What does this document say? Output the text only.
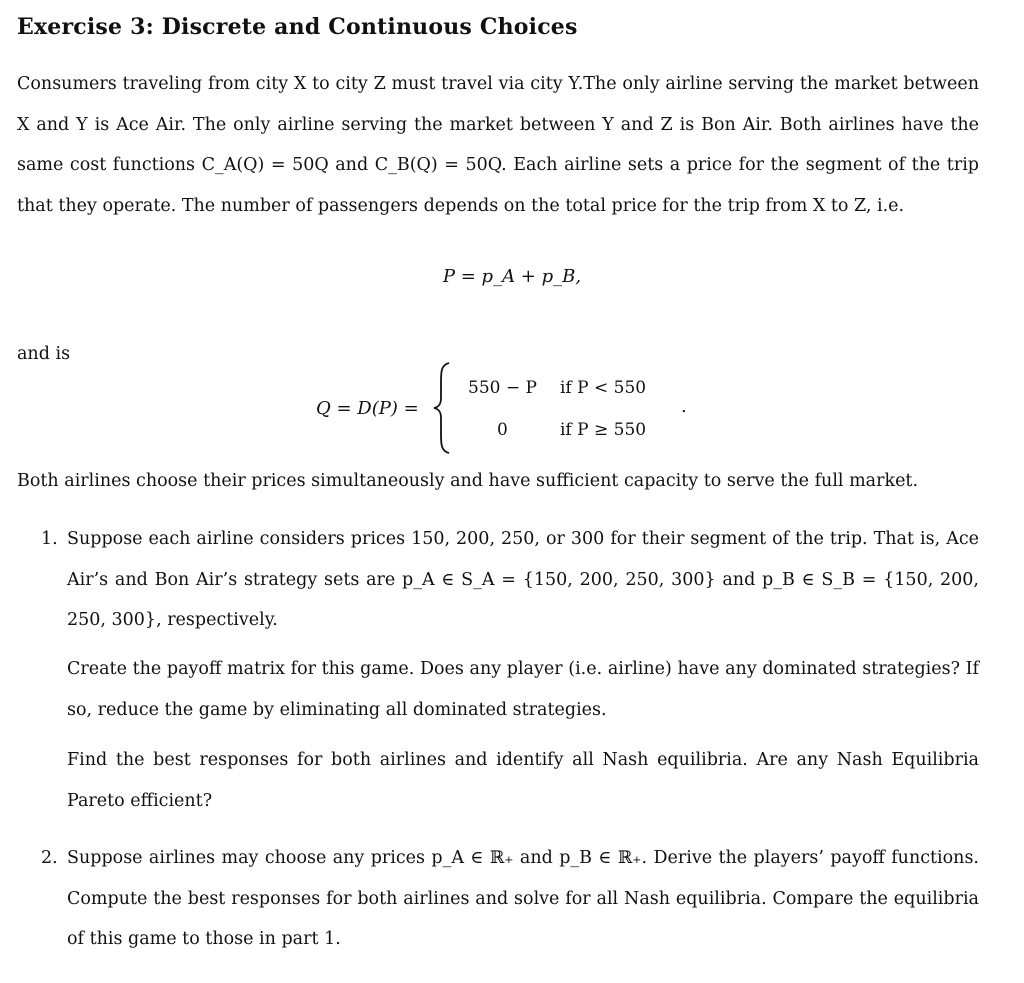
Exercise 3: Discrete and Continuous Choices
Consumers traveling from city X to city Z must travel via city Y.The only airline serving the market between X and Y is Ace Air. The only airline serving the market between Y and Z is Bon Air. Both airlines have the same cost functions C_A(Q) = 50Q and C_B(Q) = 50Q. Each airline sets a price for the segment of the trip that they operate. The number of passengers depends on the total price for the trip from X to Z, i.e.
P = p_A + p_B,
and is
Q = D(P) =
550 − P if P < 550
0	if P ≥ 550
.
Both airlines choose their prices simultaneously and have sufficient capacity to serve the full market.
1. Suppose each airline considers prices 150, 200, 250, or 300 for their segment of the trip. That is, Ace Air’s and Bon Air’s strategy sets are p_A ∈ S_A = {150, 200, 250, 300} and p_B ∈ S_B = {150, 200, 250, 300}, respectively.
Create the payoff matrix for this game. Does any player (i.e. airline) have any dominated strategies? If so, reduce the game by eliminating all dominated strategies.
Find the best responses for both airlines and identify all Nash equilibria. Are any Nash Equilibria Pareto efficient?
2. Suppose airlines may choose any prices p_A ∈ ℝ₊ and p_B ∈ ℝ₊. Derive the players’ payoff functions. Compute the best responses for both airlines and solve for all Nash equilibria. Compare the equilibria of this game to those in part 1.
